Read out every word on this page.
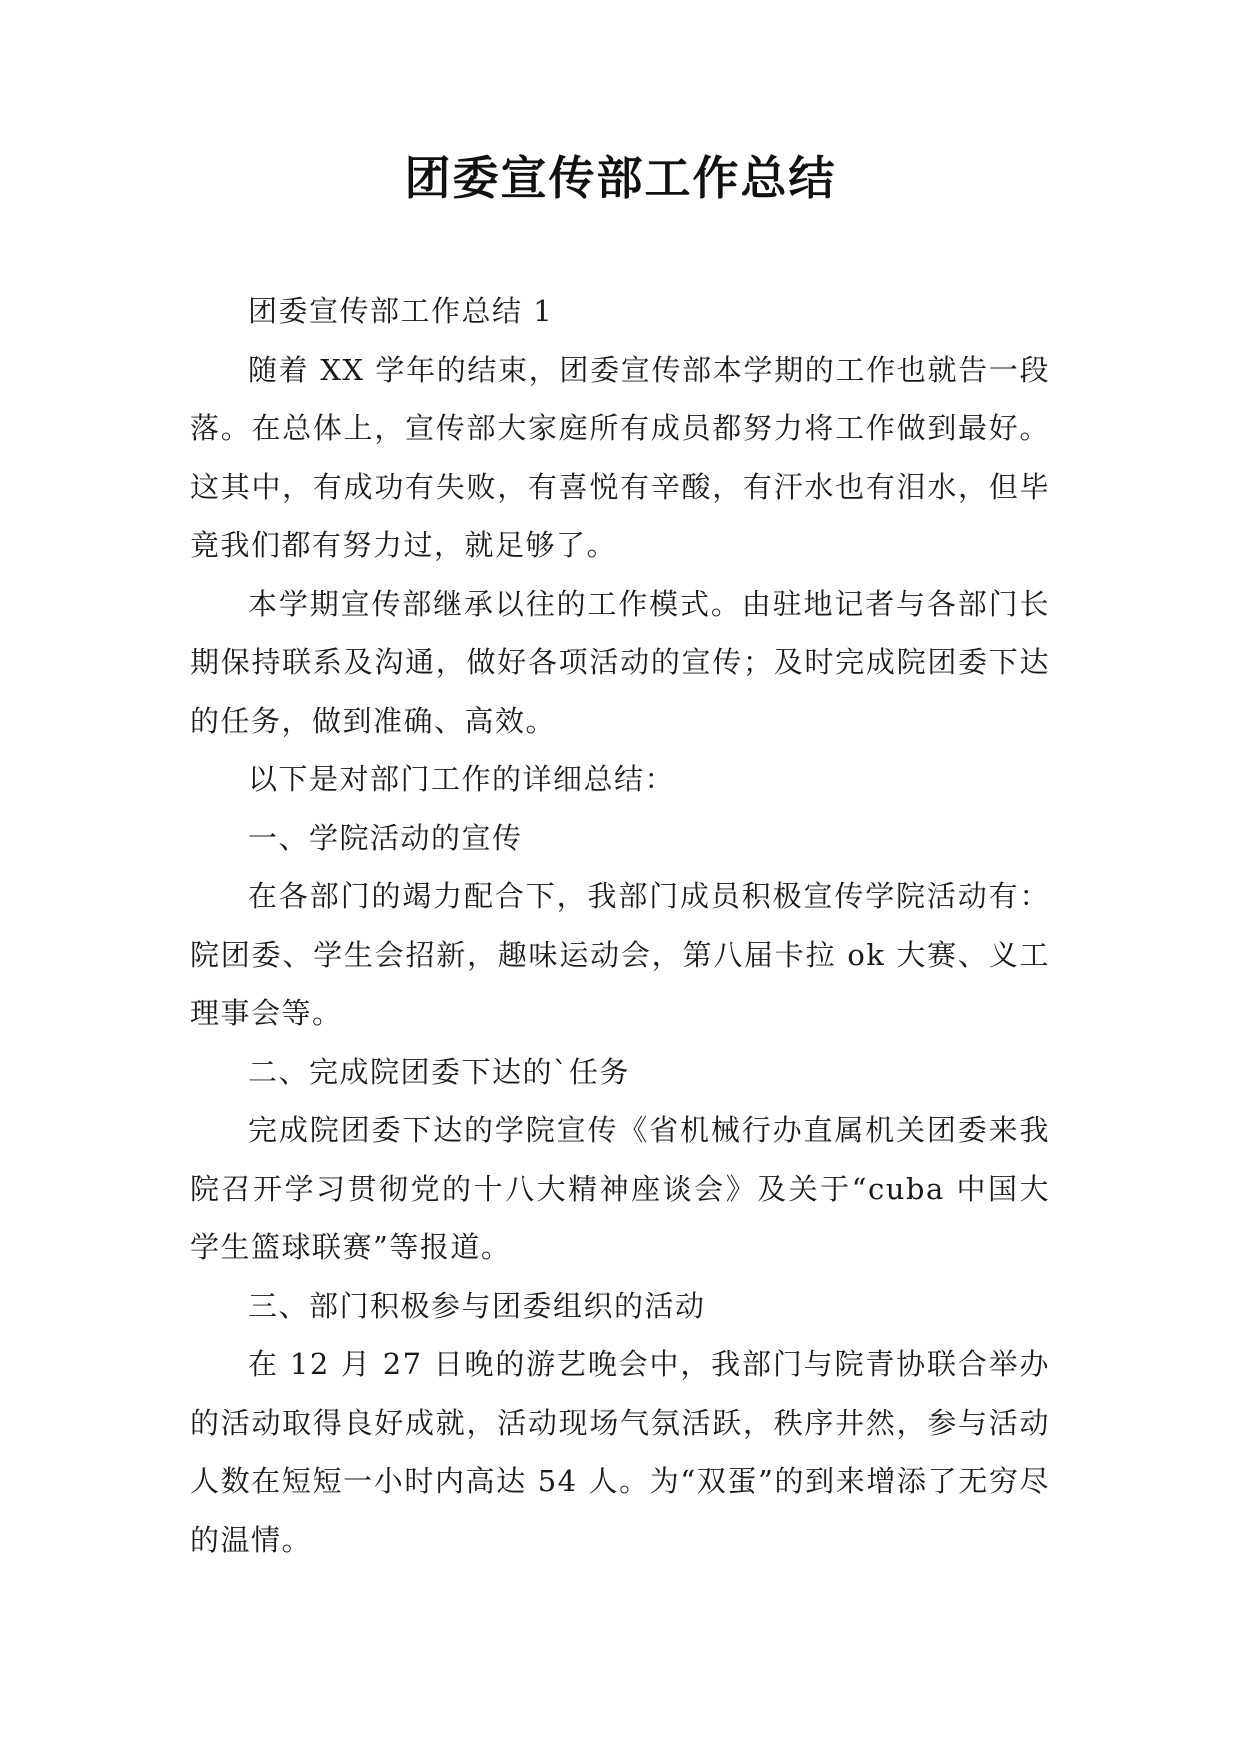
团委宣传部工作总结

团委宣传部工作总结 1

随着 XX 学年的结束，团委宣传部本学期的工作也就告一段落。在总体上，宣传部大家庭所有成员都努力将工作做到最好。这其中，有成功有失败，有喜悦有辛酸，有汗水也有泪水，但毕竟我们都有努力过，就足够了。

本学期宣传部继承以往的工作模式。由驻地记者与各部门长期保持联系及沟通，做好各项活动的宣传；及时完成院团委下达的任务，做到准确、高效。

以下是对部门工作的详细总结：

一、学院活动的宣传

在各部门的竭力配合下，我部门成员积极宣传学院活动有：院团委、学生会招新，趣味运动会，第八届卡拉 ok 大赛、义工理事会等。

二、完成院团委下达的`任务

完成院团委下达的学院宣传《省机械行办直属机关团委来我院召开学习贯彻党的十八大精神座谈会》及关于“cuba 中国大学生篮球联赛”等报道。

三、部门积极参与团委组织的活动

在 12 月 27 日晚的游艺晚会中，我部门与院青协联合举办的活动取得良好成就，活动现场气氛活跃，秩序井然，参与活动人数在短短一小时内高达 54 人。为“双蛋”的到来增添了无穷尽的温情。
